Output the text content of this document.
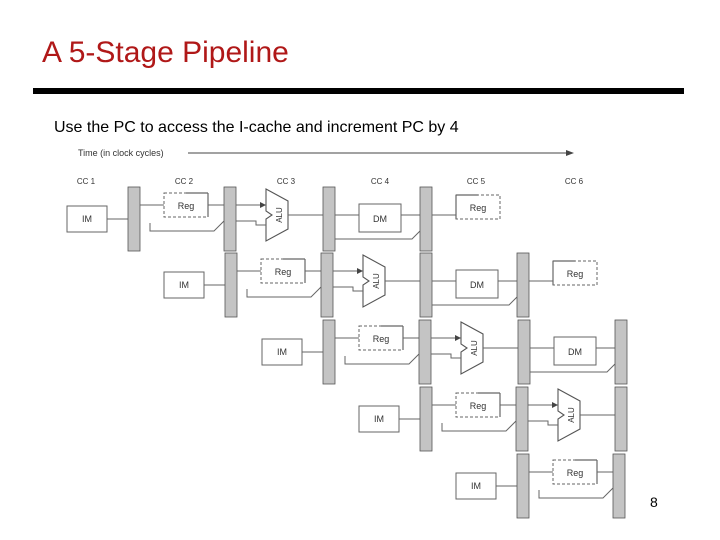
A 5-Stage Pipeline
Use the PC to access the I-cache and increment PC by 4
Time (in clock cycles)
CC 1	CC 2	CC 3	CC 4	CC 5	CC 6
IM
Reg
ALU	DM
Reg
IM
Reg
ALU	DM
Reg
IM
Reg
ALU	DM
IM
Reg
ALU
IM
Reg
8
